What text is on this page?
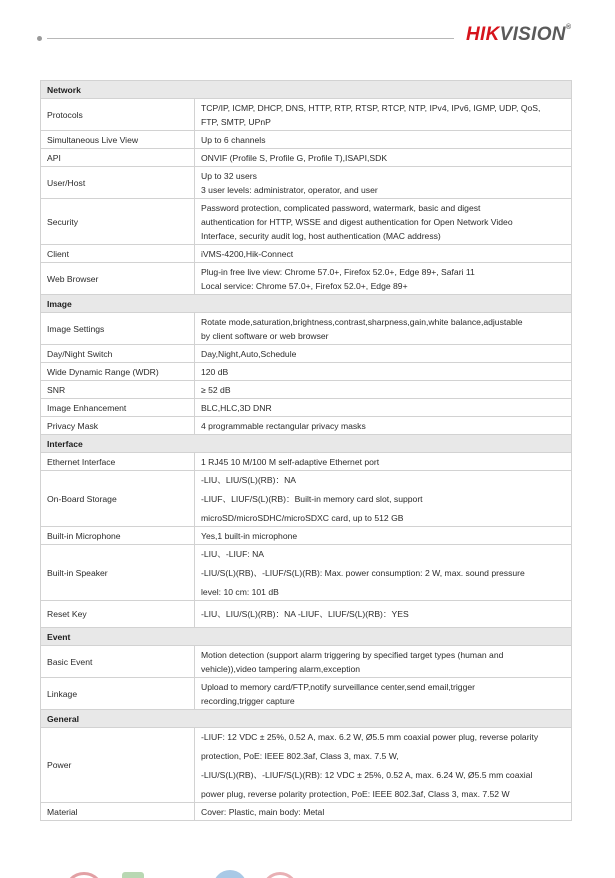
HIKVISION®
Network	
Protocols	TCP/IP, ICMP, DHCP, DNS, HTTP, RTP, RTSP, RTCP, NTP, IPv4, IPv6, IGMP, UDP, QoS,

FTP, SMTP, UPnP

Simultaneous Live View	Up to 6 channels

API	ONVIF (Profile S, Profile G, Profile T),ISAPI,SDK

User/Host	Up to 32 users

3 user levels: administrator, operator, and user

Security	Password protection, complicated password, watermark, basic and digest

authentication for HTTP, WSSE and digest authentication for Open Network Video

Interface, security audit log, host authentication (MAC address)

Client	iVMS-4200,Hik-Connect

Web Browser	Plug-in free live view: Chrome 57.0+, Firefox 52.0+, Edge 89+, Safari 11

Local service: Chrome 57.0+, Firefox 52.0+, Edge 89+

Image	
Image Settings	Rotate mode,saturation,brightness,contrast,sharpness,gain,white balance,adjustable

by client software or web browser

Day/Night Switch	Day,Night,Auto,Schedule

Wide Dynamic Range (WDR)	120 dB

SNR	≥ 52 dB

Image Enhancement	BLC,HLC,3D DNR

Privacy Mask	4 programmable rectangular privacy masks

Interface	
Ethernet Interface	1 RJ45 10 M/100 M self-adaptive Ethernet port

On-Board Storage	-LIU、LIU/S(L)(RB)：NA

-LIUF、LIUF/S(L)(RB)：Built-in memory card slot, support

microSD/microSDHC/microSDXC card, up to 512 GB

Built-in Microphone	Yes,1 built-in microphone

Built-in Speaker	-LIU、-LIUF: NA

-LIU/S(L)(RB)、-LIUF/S(L)(RB): Max. power consumption: 2 W, max. sound pressure

level: 10 cm: 101 dB

Reset Key	-LIU、LIU/S(L)(RB)：NA -LIUF、LIUF/S(L)(RB)：YES

Event	
Basic Event	Motion detection (support alarm triggering by specified target types (human and

vehicle)),video tampering alarm,exception

Linkage	Upload to memory card/FTP,notify surveillance center,send email,trigger

recording,trigger capture

General	
Power	-LIUF: 12 VDC ± 25%, 0.52 A, max. 6.2 W, Ø5.5 mm coaxial power plug, reverse polarity

protection, PoE: IEEE 802.3af, Class 3, max. 7.5 W,

-LIU/S(L)(RB)、-LIUF/S(L)(RB): 12 VDC ± 25%, 0.52 A, max. 6.24 W, Ø5.5 mm coaxial

power plug, reverse polarity protection, PoE: IEEE 802.3af, Class 3, max. 7.52 W

Material	Cover: Plastic, main body: Metal
